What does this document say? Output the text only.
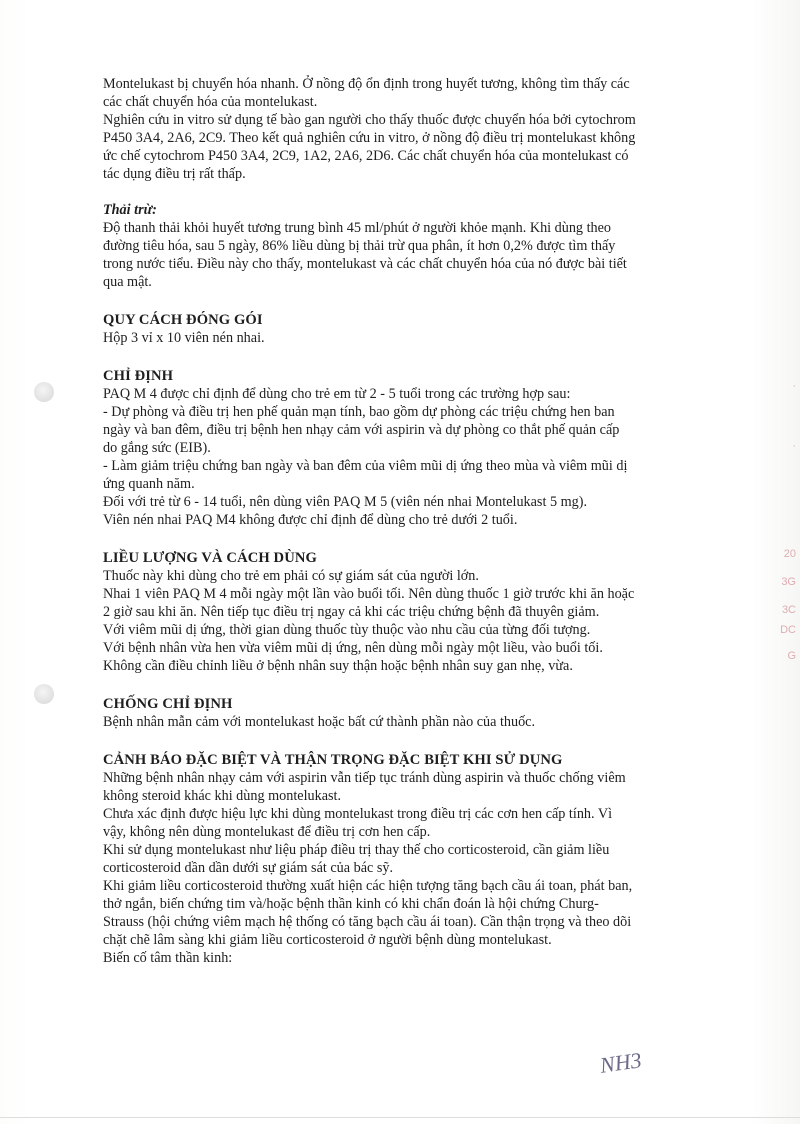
·
·
20
3G
3C
DC
G
Montelukast bị chuyển hóa nhanh. Ở nồng độ ổn định trong huyết tương, không tìm thấy các
các chất chuyển hóa của montelukast.
Nghiên cứu in vitro sử dụng tế bào gan người cho thấy thuốc được chuyển hóa bởi cytochrom
P450 3A4, 2A6, 2C9. Theo kết quả nghiên cứu in vitro, ở nồng độ điều trị montelukast không
ức chế cytochrom P450 3A4, 2C9, 1A2, 2A6, 2D6. Các chất chuyển hóa của montelukast có
tác dụng điều trị rất thấp.
Thải trừ:
Độ thanh thải khỏi huyết tương trung bình 45 ml/phút ở người khỏe mạnh. Khi dùng theo
đường tiêu hóa, sau 5 ngày, 86% liều dùng bị thải trừ qua phân, ít hơn 0,2% được tìm thấy
trong nước tiểu. Điều này cho thấy, montelukast và các chất chuyển hóa của nó được bài tiết
qua mật.
QUY CÁCH ĐÓNG GÓI
Hộp 3 vỉ x 10 viên nén nhai.
CHỈ ĐỊNH
PAQ M 4 được chỉ định để dùng cho trẻ em từ 2 - 5 tuổi trong các trường hợp sau:
- Dự phòng và điều trị hen phế quản mạn tính, bao gồm dự phòng các triệu chứng hen ban
ngày và ban đêm, điều trị bệnh hen nhạy cảm với aspirin và dự phòng co thắt phế quản cấp
do gắng sức (EIB).
- Làm giảm triệu chứng ban ngày và ban đêm của viêm mũi dị ứng theo mùa và viêm mũi dị
ứng quanh năm.
Đối với trẻ từ 6 - 14 tuổi, nên dùng viên PAQ M 5 (viên nén nhai Montelukast 5 mg).
Viên nén nhai PAQ M4 không được chỉ định để dùng cho trẻ dưới 2 tuổi.
LIỀU LƯỢNG VÀ CÁCH DÙNG
Thuốc này khi dùng cho trẻ em phải có sự giám sát của người lớn.
Nhai 1 viên PAQ M 4 mỗi ngày một lần vào buổi tối. Nên dùng thuốc 1 giờ trước khi ăn hoặc
2 giờ sau khi ăn. Nên tiếp tục điều trị ngay cả khi các triệu chứng bệnh đã thuyên giảm.
Với viêm mũi dị ứng, thời gian dùng thuốc tùy thuộc vào nhu cầu của từng đối tượng.
Với bệnh nhân vừa hen vừa viêm mũi dị ứng, nên dùng mỗi ngày một liều, vào buổi tối.
Không cần điều chỉnh liều ở bệnh nhân suy thận hoặc bệnh nhân suy gan nhẹ, vừa.
CHỐNG CHỈ ĐỊNH
Bệnh nhân mẫn cảm với montelukast hoặc bất cứ thành phần nào của thuốc.
CẢNH BÁO ĐẶC BIỆT VÀ THẬN TRỌNG ĐẶC BIỆT KHI SỬ DỤNG
Những bệnh nhân nhạy cảm với aspirin vẫn tiếp tục tránh dùng aspirin và thuốc chống viêm
không steroid khác khi dùng montelukast.
Chưa xác định được hiệu lực khi dùng montelukast trong điều trị các cơn hen cấp tính. Vì
vậy, không nên dùng montelukast để điều trị cơn hen cấp.
Khi sử dụng montelukast như liệu pháp điều trị thay thế cho corticosteroid, cần giảm liều
corticosteroid dần dần dưới sự giám sát của bác sỹ.
Khi giảm liều corticosteroid thường xuất hiện các hiện tượng tăng bạch cầu ái toan, phát ban,
thở ngắn, biến chứng tim và/hoặc bệnh thần kinh có khi chẩn đoán là hội chứng Churg-
Strauss (hội chứng viêm mạch hệ thống có tăng bạch cầu ái toan). Cần thận trọng và theo dõi
chặt chẽ lâm sàng khi giảm liều corticosteroid ở người bệnh dùng montelukast.
Biến cố tâm thần kinh:
NH3
